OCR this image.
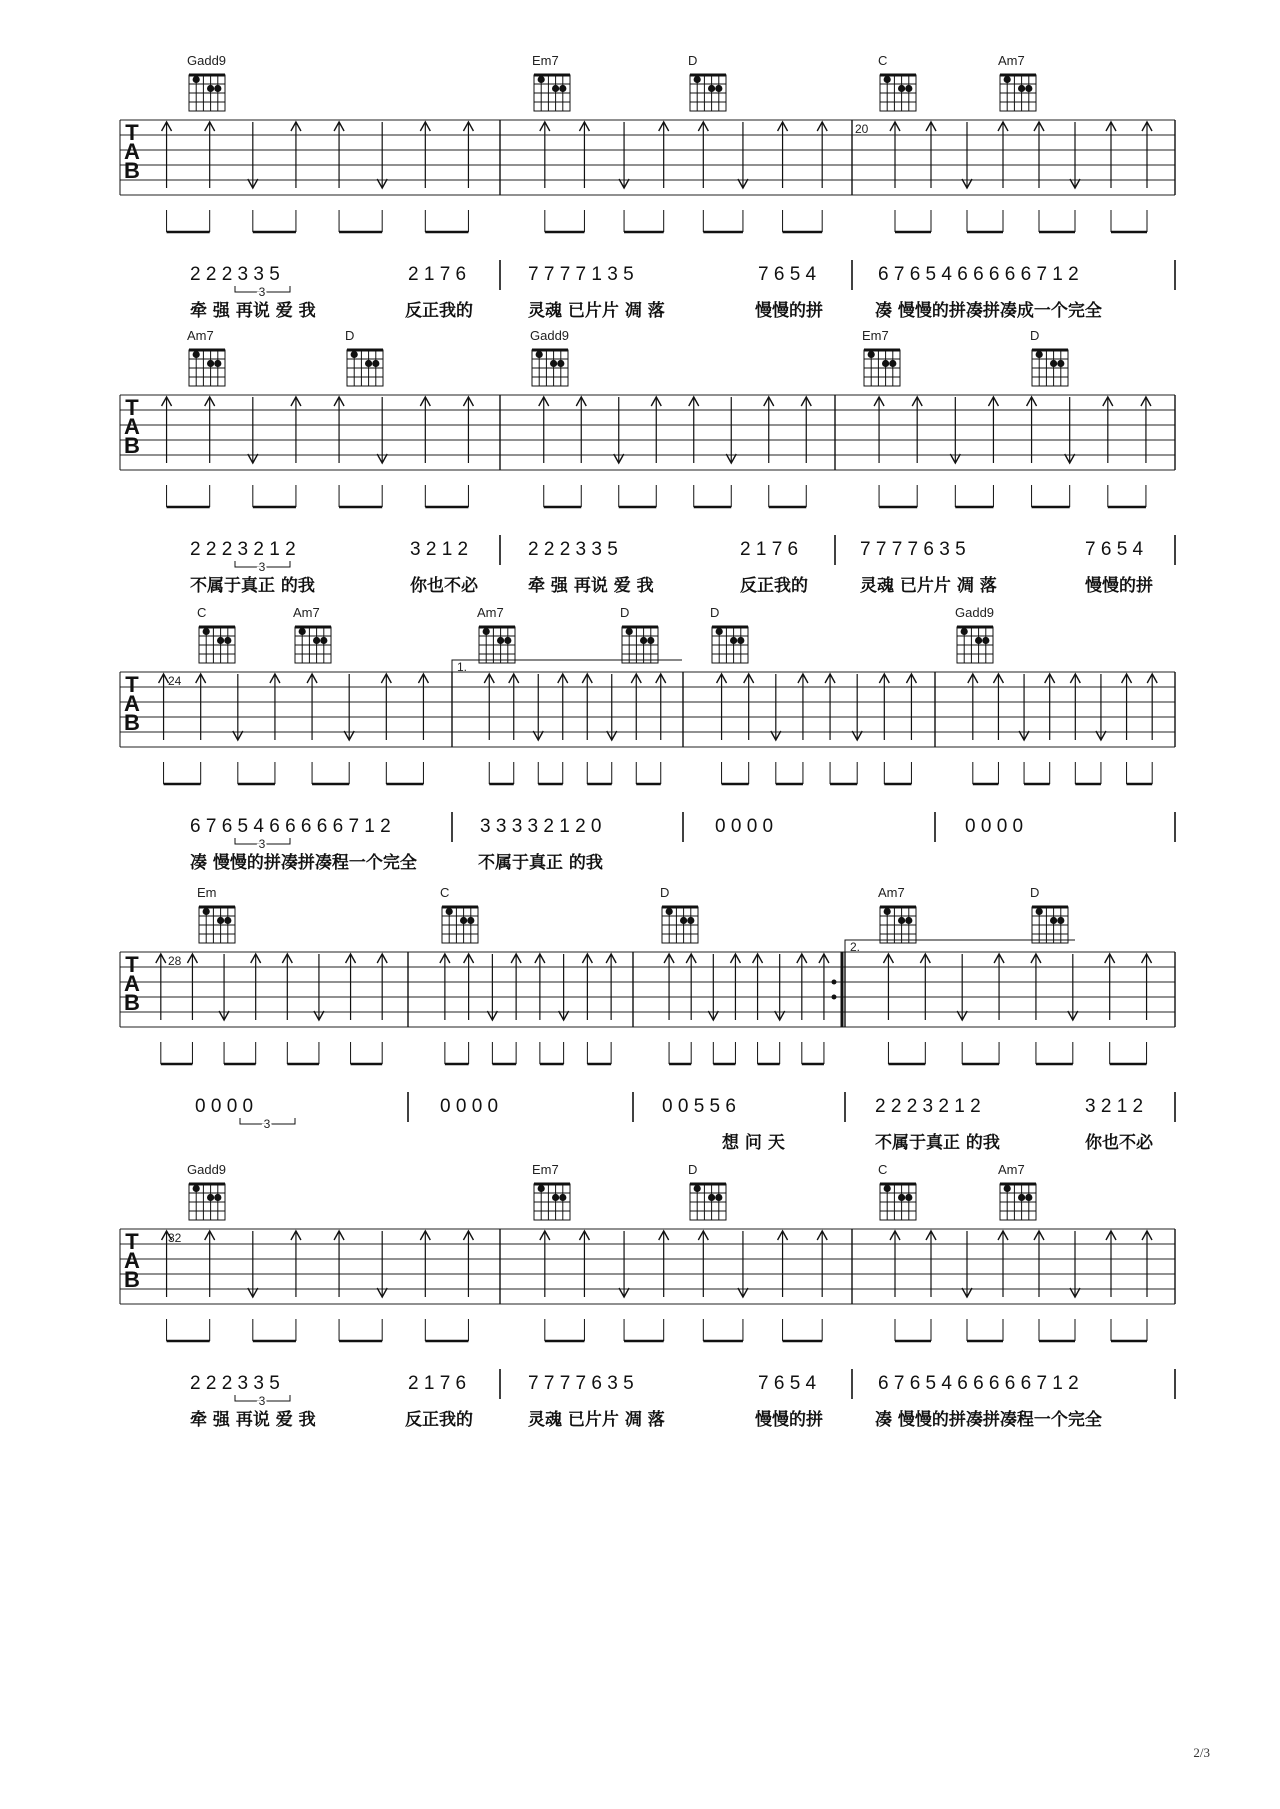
Gadd9	Em7	D	C	Am7
T
A
B
20
2 2 2 3 3 5	2 1 7 6	7 7 7 7 1 3 5	7 6 5 4	6 7 6 5 4 6 6 6 6 6 7 1 2
3
牵 强 再说 爱 我	反正我的	灵魂 已片片 凋 落	慢慢的拼	凑 慢慢的拼凑拼凑成一个完全
Am7	D	Gadd9	Em7	D
T
A
B
2 2 2 3 2 1 2	3 2 1 2	2 2 2 3 3 5	2 1 7 6	7 7 7 7 6 3 5	7 6 5 4
3
不属于真正 的我	你也不必	牵 强 再说 爱 我	反正我的	灵魂 已片片 凋 落	慢慢的拼
C	Am7	Am7	D	D	Gadd9
T
A
B
24
1.
6 7 6 5 4 6 6 6 6 6 7 1 2	3 3 3 3 2 1 2 0	0 0 0 0	0 0 0 0
3
凑 慢慢的拼凑拼凑程一个完全	不属于真正 的我
Em	C	D	Am7	D
T
A
B
28
2.
0 0 0 0	0 0 0 0	0 0 5 5 6	2 2 2 3 2 1 2	3 2 1 2
3
想 问 天	不属于真正 的我	你也不必
Gadd9	Em7	D	C	Am7
T
A
B
32
2 2 2 3 3 5	2 1 7 6	7 7 7 7 6 3 5	7 6 5 4	6 7 6 5 4 6 6 6 6 6 7 1 2
3
牵 强 再说 爱 我	反正我的	灵魂 已片片 凋 落	慢慢的拼	凑 慢慢的拼凑拼凑程一个完全
2/3
